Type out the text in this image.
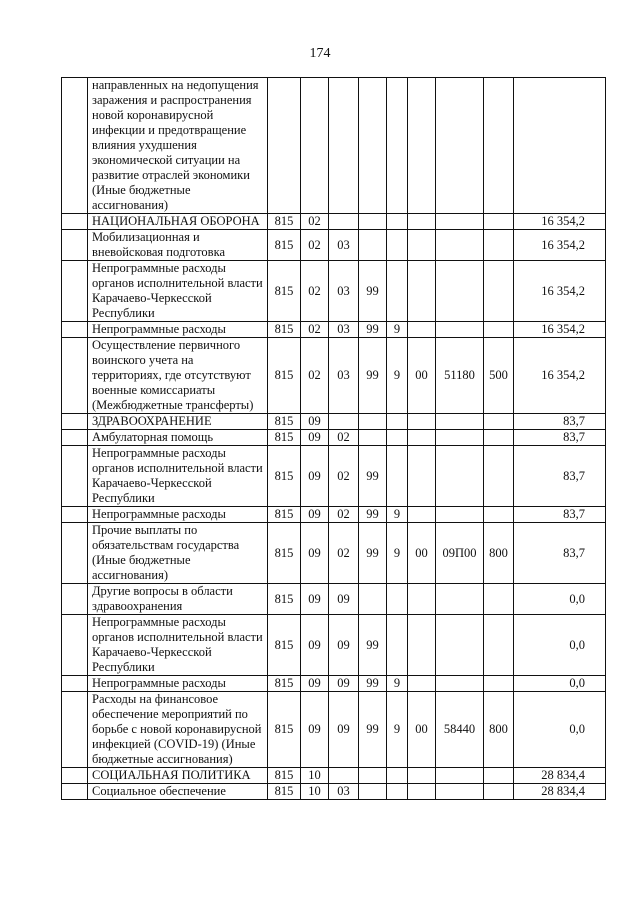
174
	направленных на недопущения заражения и распространения новой коронавирусной инфекции и предотвращение влияния ухудшения экономической ситуации на развитие отраслей экономики (Иные бюджетные ассигнования)									
	НАЦИОНАЛЬНАЯ ОБОРОНА	815	02							16 354,2
	Мобилизационная и вневойсковая подготовка	815	02	03						16 354,2
	Непрограммные расходы органов исполнительной власти Карачаево-Черкесской Республики	815	02	03	99					16 354,2
	Непрограммные расходы	815	02	03	99	9				16 354,2
	Осуществление первичного воинского учета на территориях, где отсутствуют военные комиссариаты (Межбюджетные трансферты)	815	02	03	99	9	00	51180	500	16 354,2
	ЗДРАВООХРАНЕНИЕ	815	09							83,7
	Амбулаторная помощь	815	09	02						83,7
	Непрограммные расходы органов исполнительной власти Карачаево-Черкесской Республики	815	09	02	99					83,7
	Непрограммные расходы	815	09	02	99	9				83,7
	Прочие выплаты по обязательствам государства (Иные бюджетные ассигнования)	815	09	02	99	9	00	09П00	800	83,7
	Другие вопросы в области здравоохранения	815	09	09						0,0
	Непрограммные расходы органов исполнительной власти Карачаево-Черкесской Республики	815	09	09	99					0,0
	Непрограммные расходы	815	09	09	99	9				0,0
	Расходы на финансовое обеспечение мероприятий по борьбе с новой коронавирусной инфекцией (COVID-19) (Иные бюджетные ассигнования)	815	09	09	99	9	00	58440	800	0,0
	СОЦИАЛЬНАЯ ПОЛИТИКА	815	10							28 834,4
	Социальное обеспечение	815	10	03						28 834,4
